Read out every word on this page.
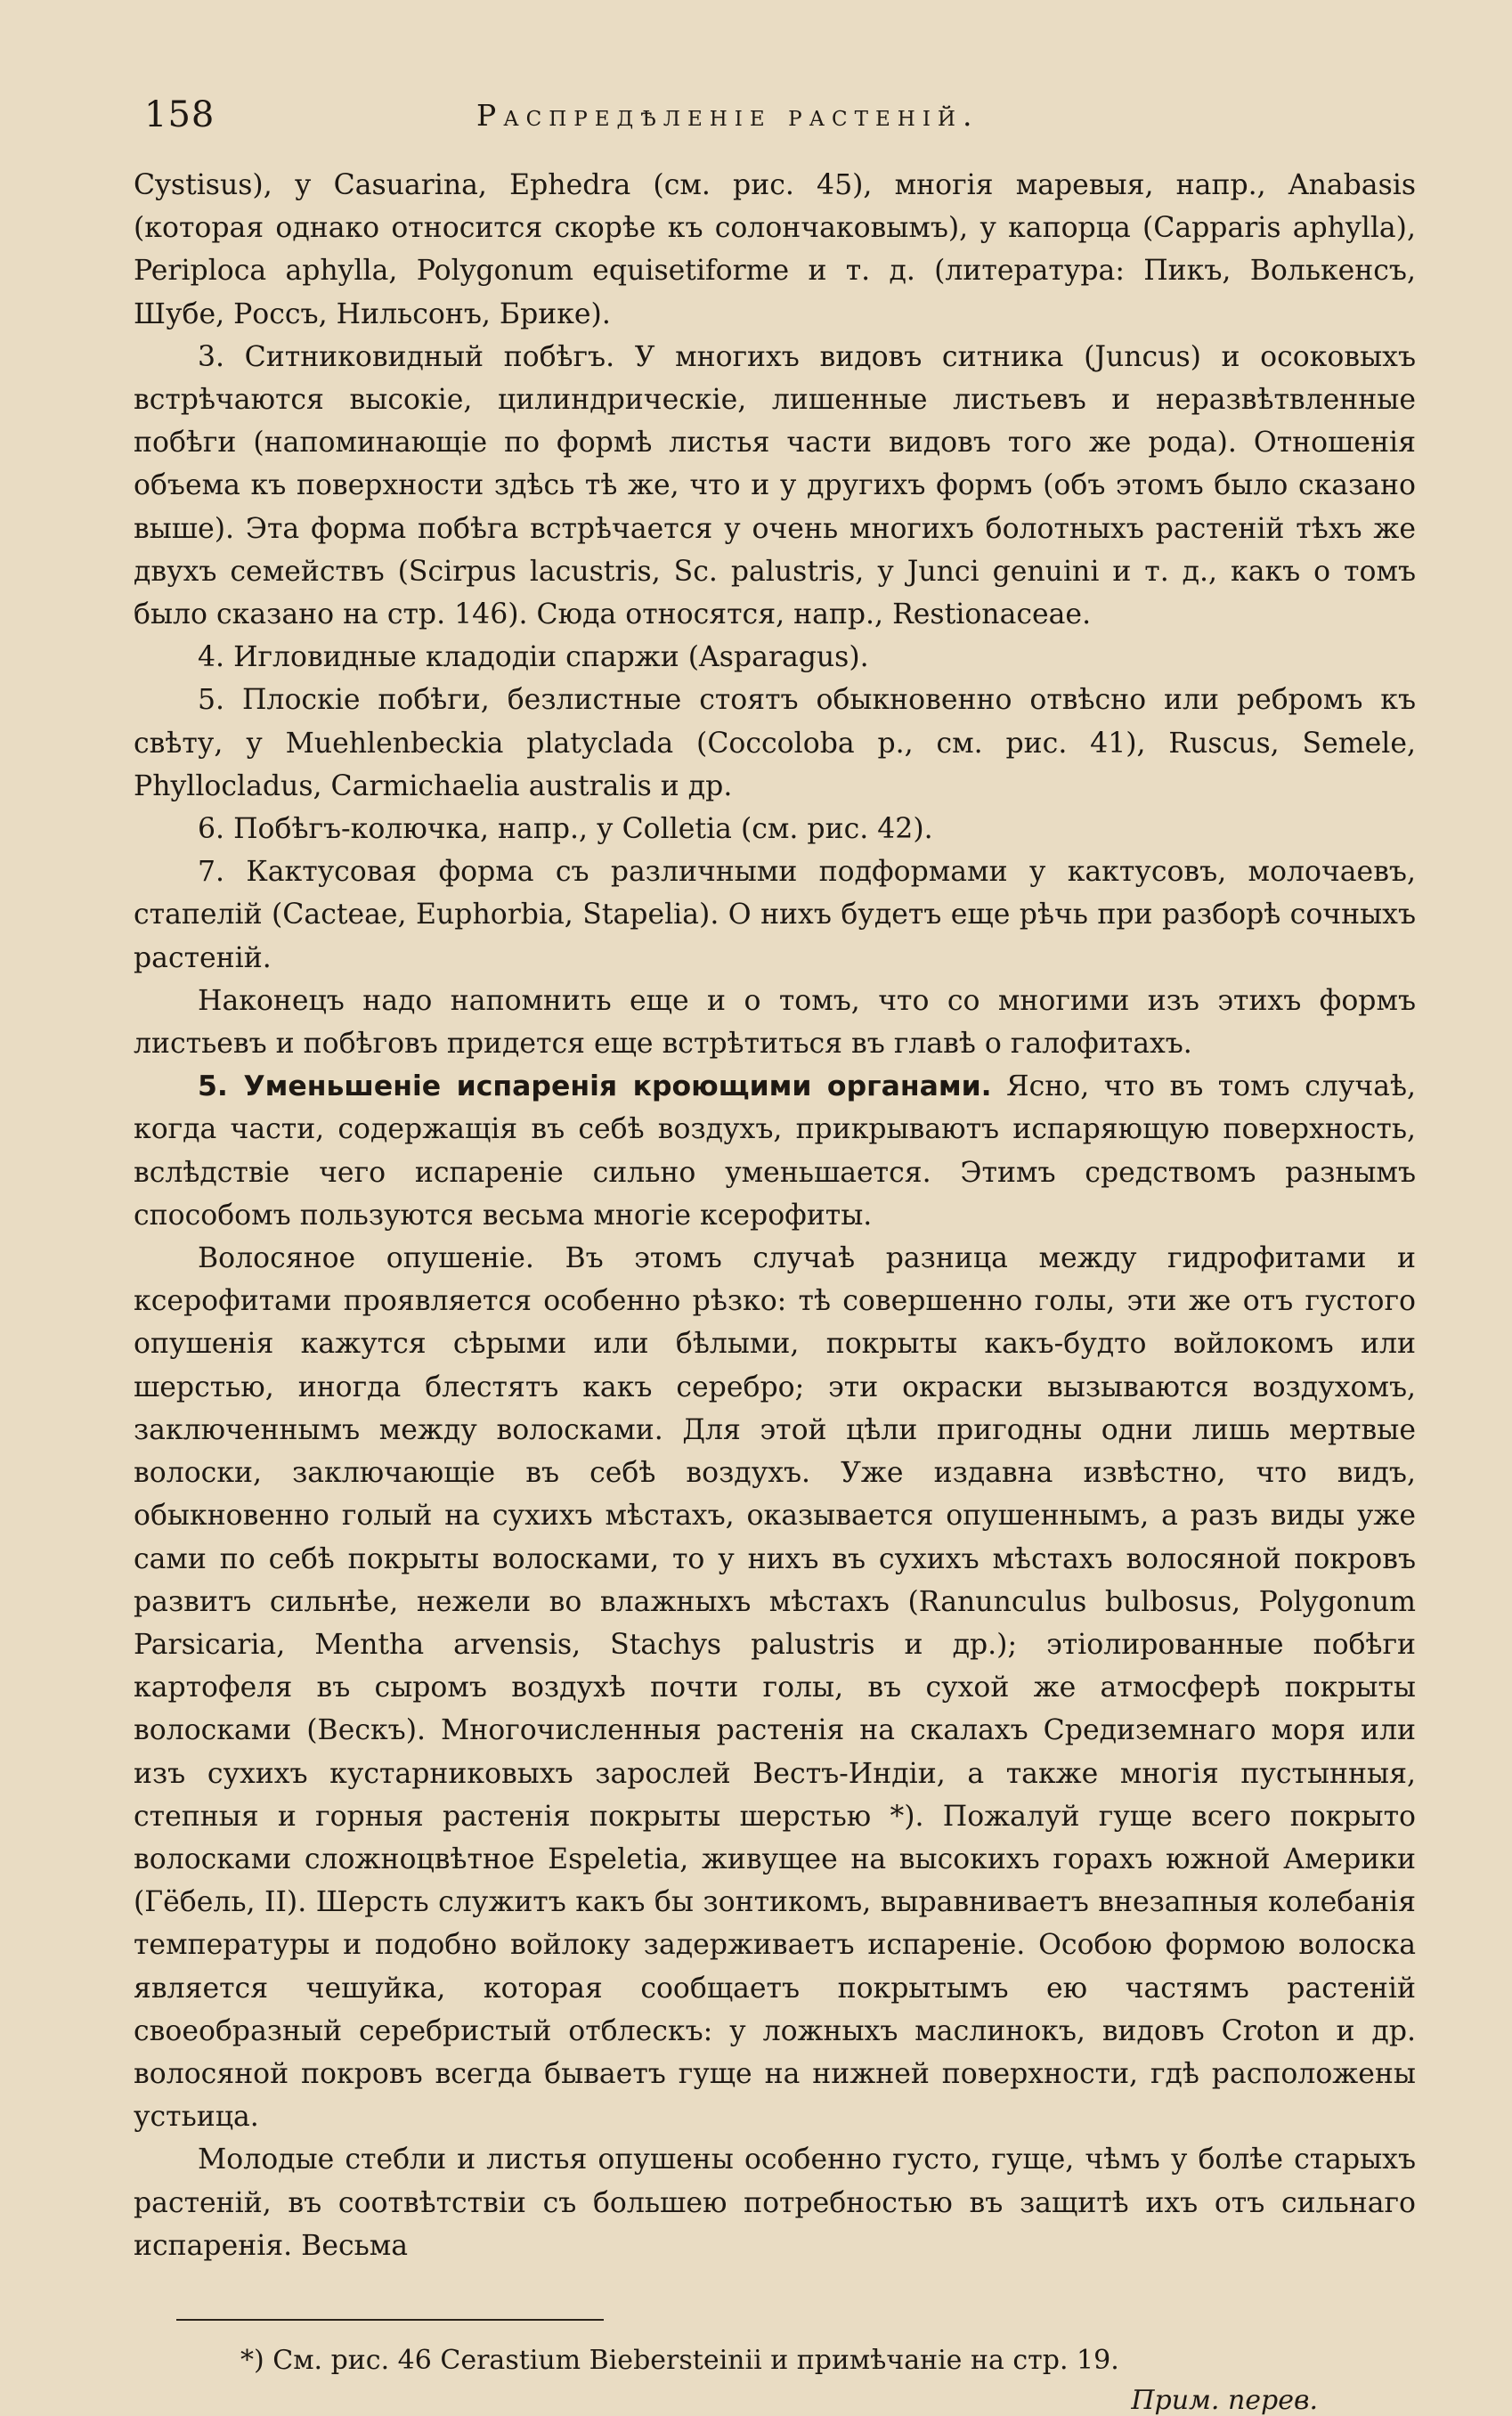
158	Распредѣленіе растеній.

Cystisus), у Casuarina, Ephedra (см. рис. 45), многія маревыя, напр., Anabasis (которая однако относится скорѣе къ солончаковымъ), у капорца (Capparis aphylla), Periploca aphylla, Polygonum equisetiforme и т. д. (литература: Пикъ, Волькенсъ, Шубе, Россъ, Нильсонъ, Брике).

3. Ситниковидный побѣгъ. У многихъ видовъ ситника (Juncus) и осоковыхъ встрѣчаются высокіе, цилиндрическіе, лишенные листьевъ и неразвѣтвленные побѣги (напоминающіе по формѣ листья части видовъ того же рода). Отношенія объема къ поверхности здѣсь тѣ же, что и у другихъ формъ (объ этомъ было сказано выше). Эта форма побѣга встрѣчается у очень многихъ болотныхъ растеній тѣхъ же двухъ семействъ (Scirpus lacustris, Sc. palustris, у Junci genuini и т. д., какъ о томъ было сказано на стр. 146). Сюда относятся, напр., Restionaceae.

4. Игловидные кладодіи спаржи (Asparagus).

5. Плоскіе побѣги, безлистные стоятъ обыкновенно отвѣсно или ребромъ къ свѣту, у Muehlenbeckia platyclada (Coccoloba p., см. рис. 41), Ruscus, Semele, Phyllocladus, Carmichaelia australis и др.

6. Побѣгъ-колючка, напр., у Colletia (см. рис. 42).

7. Кактусовая форма съ различными подформами у кактусовъ, молочаевъ, стапелій (Cacteae, Euphorbia, Stapelia). О нихъ будетъ еще рѣчь при разборѣ сочныхъ растеній.

Наконецъ надо напомнить еще и о томъ, что со многими изъ этихъ формъ листьевъ и побѣговъ придется еще встрѣтиться въ главѣ о галофитахъ.

5. Уменьшеніе испаренія кроющими органами. Ясно, что въ томъ случаѣ, когда части, содержащія въ себѣ воздухъ, прикрываютъ испаряющую поверхность, вслѣдствіе чего испареніе сильно уменьшается. Этимъ средствомъ разнымъ способомъ пользуются весьма многіе ксерофиты.

Волосяное опушеніе. Въ этомъ случаѣ разница между гидрофитами и ксерофитами проявляется особенно рѣзко: тѣ совершенно голы, эти же отъ густого опушенія кажутся сѣрыми или бѣлыми, покрыты какъ-будто войлокомъ или шерстью, иногда блестятъ какъ серебро; эти окраски вызываются воздухомъ, заключеннымъ между волосками. Для этой цѣли пригодны одни лишь мертвые волоски, заключающіе въ себѣ воздухъ. Уже издавна извѣстно, что видъ, обыкновенно голый на сухихъ мѣстахъ, оказывается опушеннымъ, а разъ виды уже сами по себѣ покрыты волосками, то у нихъ въ сухихъ мѣстахъ волосяной покровъ развитъ сильнѣе, нежели во влажныхъ мѣстахъ (Ranunculus bulbosus, Polygonum Parsicaria, Mentha arvensis, Stachys palustris и др.); этіолированные побѣги картофеля въ сыромъ воздухѣ почти голы, въ сухой же атмосферѣ покрыты волосками (Вескъ). Многочисленныя растенія на скалахъ Средиземнаго моря или изъ сухихъ кустарниковыхъ зарослей Вестъ-Индіи, а также многія пустынныя, степныя и горныя растенія покрыты шерстью *). Пожалуй гуще всего покрыто волосками сложноцвѣтное Espeletia, живущее на высокихъ горахъ южной Америки (Гёбель, II). Шерсть служитъ какъ бы зонтикомъ, выравниваетъ внезапныя колебанія температуры и подобно войлоку задерживаетъ испареніе. Особою формою волоска является чешуйка, которая сообщаетъ покрытымъ ею частямъ растеній своеобразный серебристый отблескъ: у ложныхъ маслинокъ, видовъ Croton и др. волосяной покровъ всегда бываетъ гуще на нижней поверхности, гдѣ расположены устьица.

Молодые стебли и листья опушены особенно густо, гуще, чѣмъ у болѣе старыхъ растеній, въ соотвѣтствіи съ большею потребностью въ защитѣ ихъ отъ сильнаго испаренія. Весьма

*) См. рис. 46 Cerastium Biebersteinii и примѣчаніе на стр. 19.

Прим. перев.
